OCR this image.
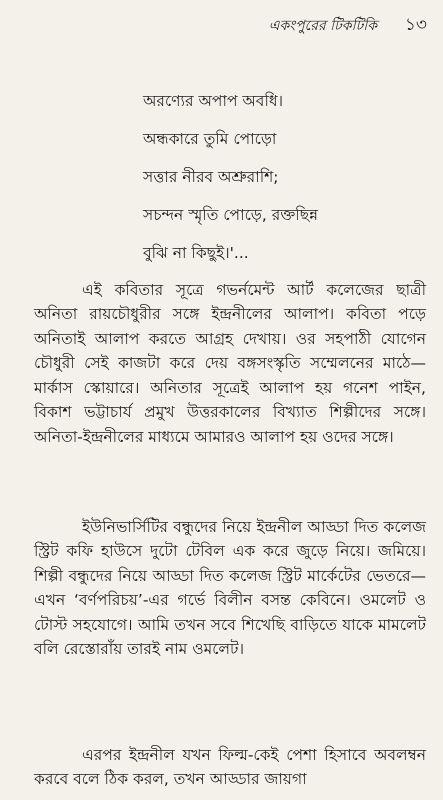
একংপুরের টিকটিকি ১৩
অরণ্যের অপাপ অবধি।
অন্ধকারে তুমি পোড়ো
সত্তার নীরব অশ্রুরাশি;
সচন্দন স্মৃতি পোড়ে, রক্তছিন্ন
বুঝি না কিছুই।'...

এই কবিতার সূত্রে গভর্নমেন্ট আর্ট কলেজের ছাত্রী অনিতা রায়চৌধুরীর সঙ্গে ইন্দ্রনীলের আলাপ। কবিতা পড়ে অনিতাই আলাপ করতে আগ্রহ দেখায়। ওর সহপাঠী যোগেন চৌধুরী সেই কাজটা করে দেয় বঙ্গসংস্কৃতি সম্মেলনের মাঠে— মার্কাস স্কোয়ারে। অনিতার সূত্রেই আলাপ হয় গনেশ পাইন, বিকাশ ভট্টাচার্য প্রমুখ উত্তরকালের বিখ্যাত শিল্পীদের সঙ্গে। অনিতা-ইন্দ্রনীলের মাধ্যমে আমারও আলাপ হয় ওদের সঙ্গে।

ইউনিভার্সিটির বন্ধুদের নিয়ে ইন্দ্রনীল আড্ডা দিত কলেজ স্ট্রিট কফি হাউসে দুটো টেবিল এক করে জুড়ে নিয়ে। জমিয়ে। শিল্পী বন্ধুদের নিয়ে আড্ডা দিত কলেজ স্ট্রিট মার্কেটের ভেতরে— এখন ‘বর্ণপরিচয়’-এর গর্ভে বিলীন বসন্ত কেবিনে। ওমলেট ও টোস্ট সহযোগে। আমি তখন সবে শিখেছি বাড়িতে যাকে মামলেট বলি রেস্তোরাঁয় তারই নাম ওমলেট।

এরপর ইন্দ্রনীল যখন ফিল্ম-কেই পেশা হিসাবে অবলম্বন করবে বলে ঠিক করল, তখন আড্ডার জায়গা
